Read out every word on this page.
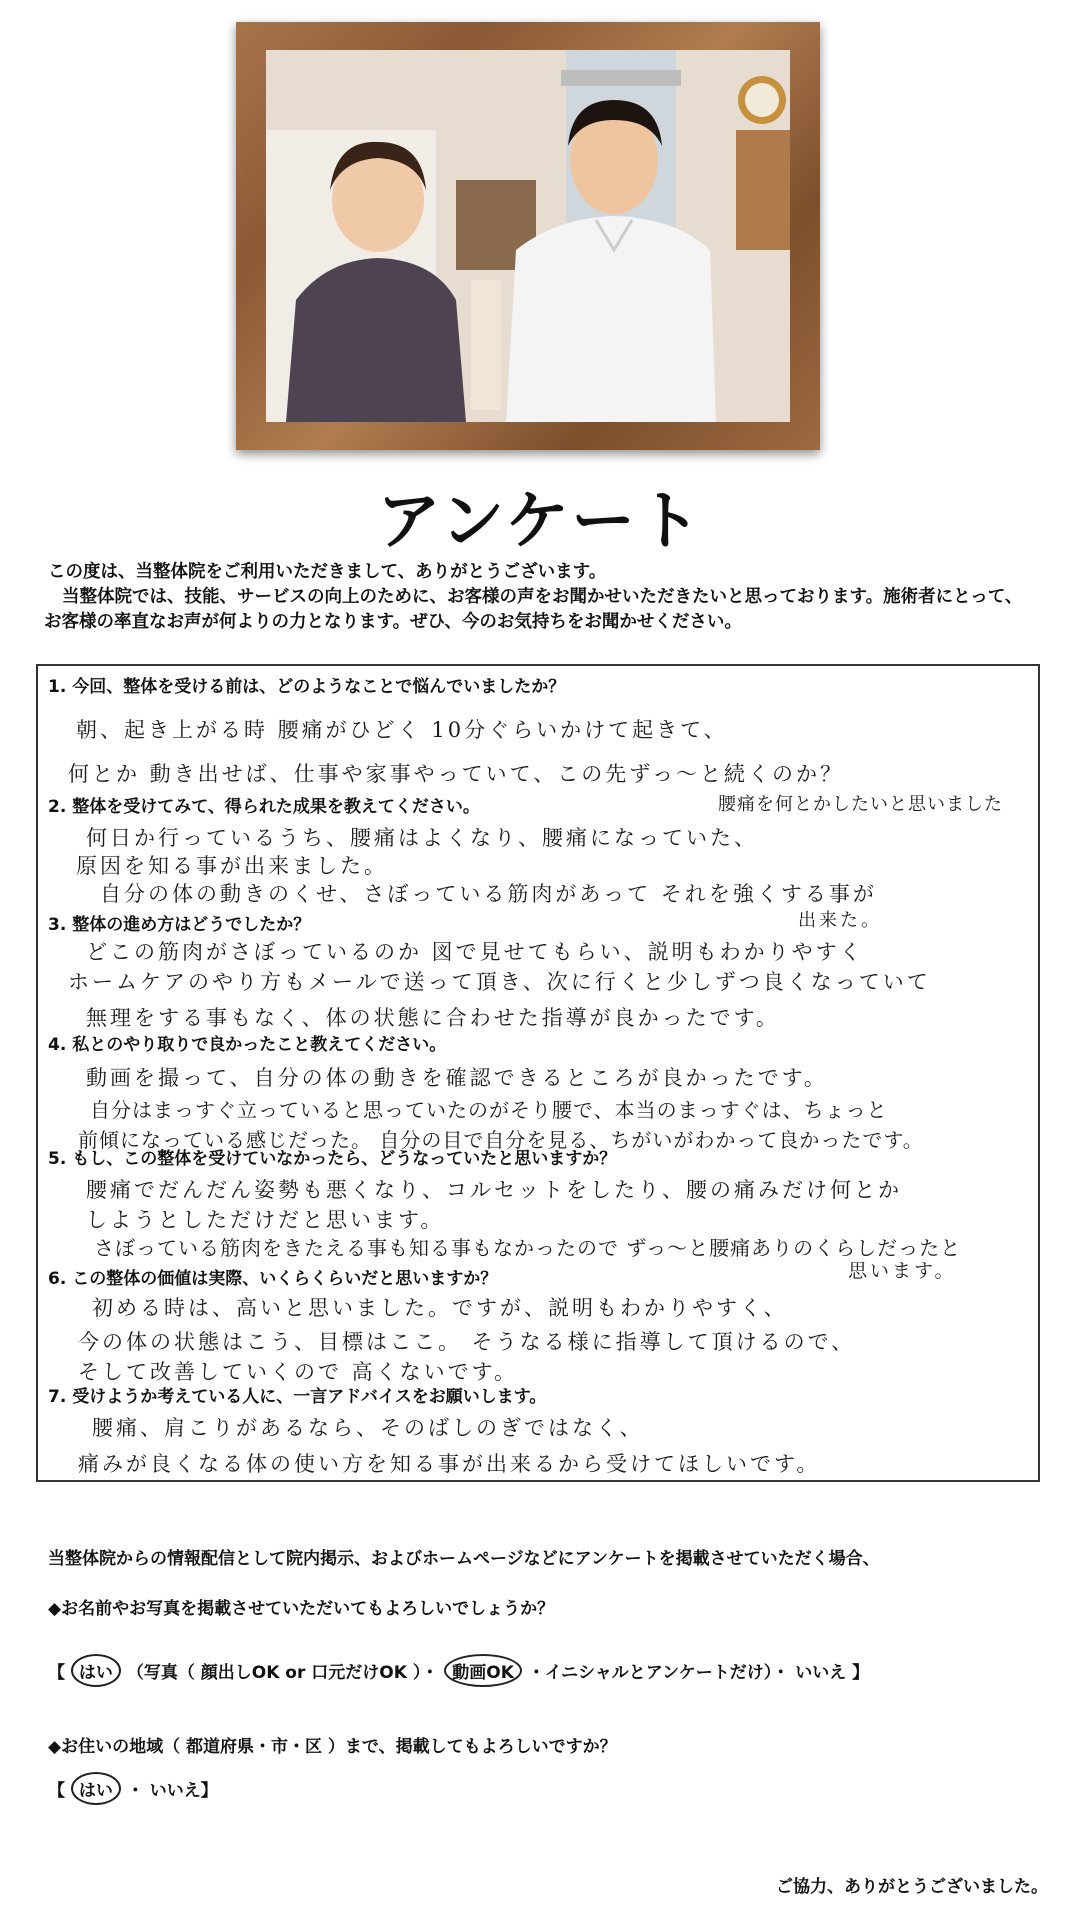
アンケート

この度は、当整体院をご利用いただきまして、ありがとうございます。

当整体院では、技能、サービスの向上のために、お客様の声をお聞かせいただきたいと思っております。施術者にとって、

お客様の率直なお声が何よりの力となります。ぜひ、今のお気持ちをお聞かせください。

1. 今回、整体を受ける前は、どのようなことで悩んでいましたか？
朝、起き上がる時 腰痛がひどく 10分ぐらいかけて起きて、
何とか 動き出せば、仕事や家事やっていて、この先ずっ～と続くのか？
2. 整体を受けてみて、得られた成果を教えてください。	腰痛を何とかしたいと思いました
何日か行っているうち、腰痛はよくなり、腰痛になっていた、
原因を知る事が出来ました。
自分の体の動きのくせ、さぼっている筋肉があって それを強くする事が
出来た。
3. 整体の進め方はどうでしたか？
どこの筋肉がさぼっているのか 図で見せてもらい、説明もわかりやすく
ホームケアのやり方もメールで送って頂き、次に行くと少しずつ良くなっていて
無理をする事もなく、体の状態に合わせた指導が良かったです。
4. 私とのやり取りで良かったこと教えてください。
動画を撮って、自分の体の動きを確認できるところが良かったです。
自分はまっすぐ立っていると思っていたのがそり腰で、本当のまっすぐは、ちょっと
前傾になっている感じだった。 自分の目で自分を見る、ちがいがわかって良かったです。
5. もし、この整体を受けていなかったら、どうなっていたと思いますか？
腰痛でだんだん姿勢も悪くなり、コルセットをしたり、腰の痛みだけ何とか
しようとしただけだと思います。
さぼっている筋肉をきたえる事も知る事もなかったので ずっ～と腰痛ありのくらしだったと
思います。
6. この整体の価値は実際、いくらくらいだと思いますか？
初める時は、高いと思いました。ですが、説明もわかりやすく、
今の体の状態はこう、目標はここ。 そうなる様に指導して頂けるので、
そして改善していくので 高くないです。
7. 受けようか考えている人に、一言アドバイスをお願いします。
腰痛、肩こりがあるなら、そのばしのぎではなく、
痛みが良くなる体の使い方を知る事が出来るから受けてほしいです。
当整体院からの情報配信として院内掲示、およびホームページなどにアンケートを掲載させていただく場合、
◆お名前やお写真を掲載させていただいてもよろしいでしょうか？
【 はい （写真（ 顔出しOK or 口元だけOK ）・ 動画OK ・イニシャルとアンケートだけ）・ いいえ 】
◆お住いの地域（ 都道府県・市・区 ）まで、掲載してもよろしいですか？
【 はい ・ いいえ】
ご協力、ありがとうございました。
